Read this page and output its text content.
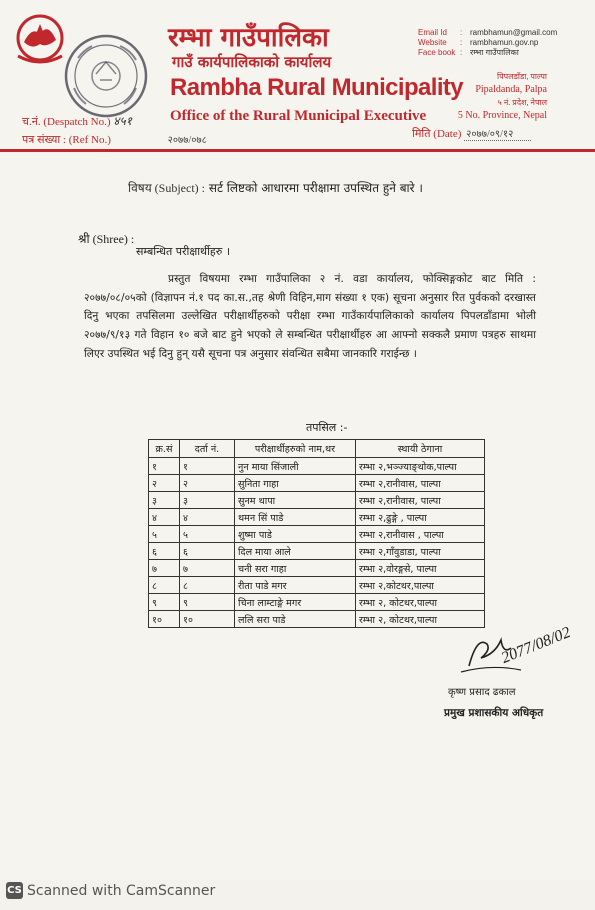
रम्भा गाउँपालिका
गाउँ कार्यपालिकाको कार्यालय
Rambha Rural Municipality
Office of the Rural Municipal Executive
Email Id	: rambhamun@gmail.com
Website	: rambhamun.gov.np
Face book : रम्भा गाउँपालिका
पिपलडाँडा, पाल्पा
Pipaldanda, Palpa
५ नं. प्रदेश, नेपाल
5 No. Province, Nepal
च.नं. (Despatch No.) ४५१
पत्र संख्या : (Ref No.)	२०७७/०७८
मिति (Date) २०७७/०९/१२
विषय (Subject) : सर्ट लिष्टको आधारमा परीक्षामा उपस्थित हुने बारे ।
श्री (Shree) :
सम्बन्धित परीक्षार्थीहरु ।
प्रस्तुत विषयमा रम्भा गाउँपालिका २ नं. वडा कार्यालय, फोक्सिङ्गकोट बाट मिति : २०७७/०८/०५को (विज्ञापन नं.१ पद का.स.,तह श्रेणी विहिन,माग संख्या १ एक) सूचना अनुसार रित पुर्वकको दरखास्त दिनु भएका तपसिलमा उल्लेखित परीक्षार्थीहरुको परीक्षा रम्भा गाउँकार्यपालिकाको कार्यालय पिपलडाँडामा भोली २०७७/९/१३ गते विहान १० बजे बाट हुने भएको ले सम्बन्धित परीक्षार्थीहरु आ आफ्नो सक्कलै प्रमाण पत्रहरु साथमा लिएर उपस्थित भई दिनु हुन् यसै सूचना पत्र अनुसार संवन्धित सबैमा जानकारि गराईन्छ ।
तपसिल :-
क्र.सं	दर्ता नं.	परीक्षार्थीहरुको नाम,थर	स्थायी ठेगाना
१	१	नुन माया सिंजाली	रम्भा २,भञ्ज्याङ्थोक,पाल्पा
२	२	सुनिता गाहा	रम्भा २,रानीवास, पाल्पा
३	३	सुनम थापा	रम्भा २,रानीवास, पाल्पा
४	४	थमन सिं पाडे	रम्भा २,ढुङ्गे , पाल्पा
५	५	शुष्मा पाडे	रम्भा २,रानीवास , पाल्पा
६	६	दिल माया आले	रम्भा २,गाँवुडाडा, पाल्पा
७	७	चनी सरा गाहा	रम्भा २,वोरङ्गसे, पाल्पा
८	८	रीता पाडे मगर	रम्भा २,कोटथर,पाल्पा
९	९	चिना लाम्टाङ्गे मगर	रम्भा २, कोटथर,पाल्पा
१०	१०	ललि सरा पाडे	रम्भा २, कोटथर,पाल्पा
2077/08/02
कृष्ण प्रसाद ढकाल
प्रमुख प्रशासकीय अधिकृत
CS Scanned with CamScanner
